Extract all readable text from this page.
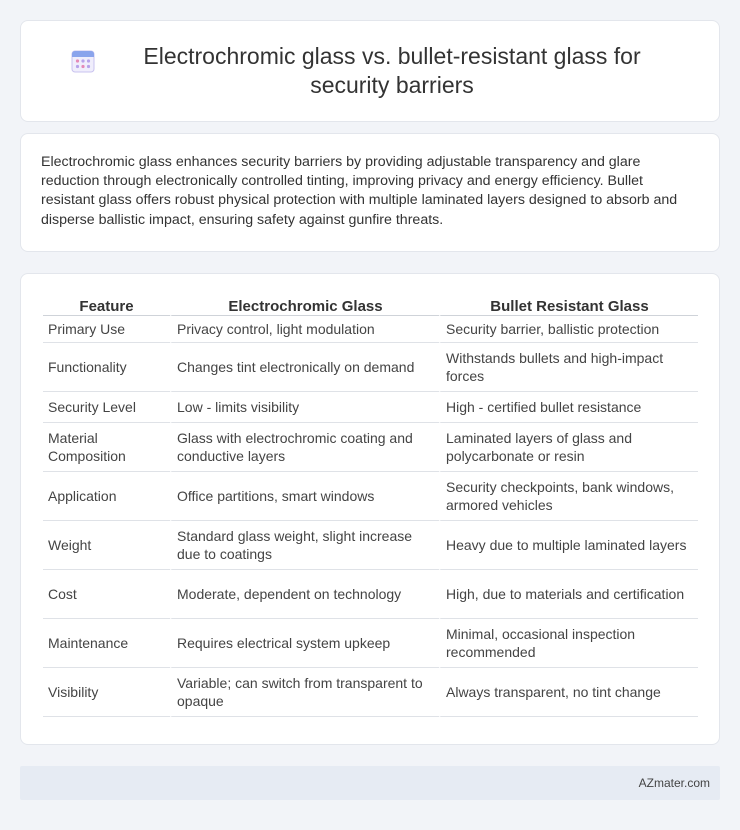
Electrochromic glass vs. bullet-resistant glass for security barriers

Electrochromic glass enhances security barriers by providing adjustable transparency and glare reduction through electronically controlled tinting, improving privacy and energy efficiency. Bullet resistant glass offers robust physical protection with multiple laminated layers designed to absorb and disperse ballistic impact, ensuring safety against gunfire threats.

Feature	Electrochromic Glass	Bullet Resistant Glass
Primary Use	Privacy control, light modulation	Security barrier, ballistic protection
Functionality	Changes tint electronically on demand	Withstands bullets and high-impact forces
Security Level	Low - limits visibility	High - certified bullet resistance
Material Composition	Glass with electrochromic coating and conductive layers	Laminated layers of glass and polycarbonate or resin
Application	Office partitions, smart windows	Security checkpoints, bank windows, armored vehicles
Weight	Standard glass weight, slight increase due to coatings	Heavy due to multiple laminated layers
Cost	Moderate, dependent on technology	High, due to materials and certification
Maintenance	Requires electrical system upkeep	Minimal, occasional inspection recommended
Visibility	Variable; can switch from transparent to opaque	Always transparent, no tint change
AZmater.com
